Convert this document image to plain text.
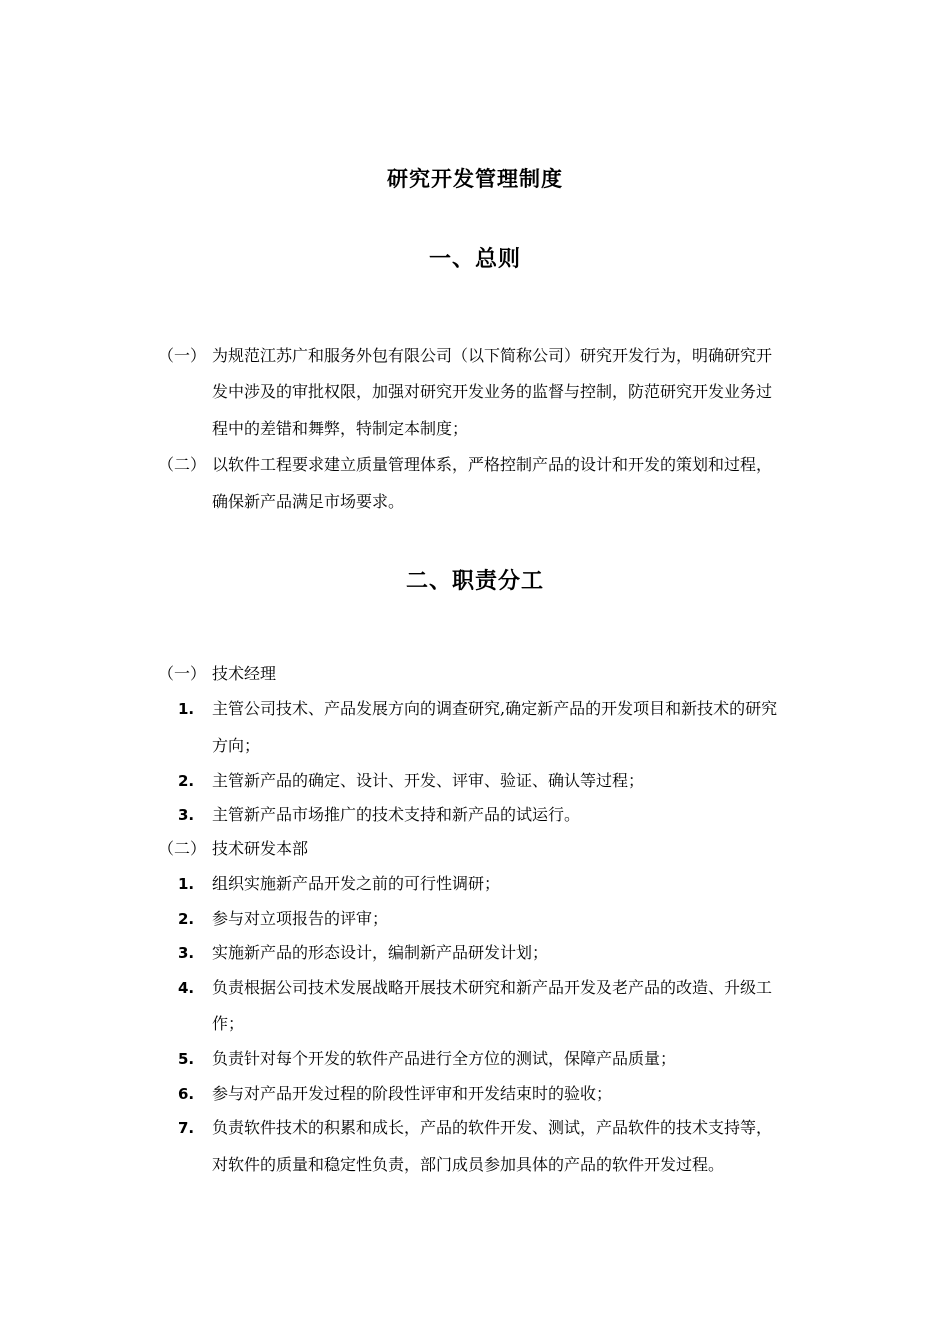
研究开发管理制度
一、总则
（一） 为规范江苏广和服务外包有限公司（以下简称公司）研究开发行为，明确研究开
发中涉及的审批权限，加强对研究开发业务的监督与控制，防范研究开发业务过
程中的差错和舞弊，特制定本制度；
（二） 以软件工程要求建立质量管理体系，严格控制产品的设计和开发的策划和过程，
确保新产品满足市场要求。
二、职责分工
（一） 技术经理
1. 主管公司技术、产品发展方向的调查研究,确定新产品的开发项目和新技术的研究
方向；
2. 主管新产品的确定、设计、开发、评审、验证、确认等过程；
3. 主管新产品市场推广的技术支持和新产品的试运行。
（二） 技术研发本部
1. 组织实施新产品开发之前的可行性调研；
2. 参与对立项报告的评审；
3. 实施新产品的形态设计，编制新产品研发计划；
4. 负责根据公司技术发展战略开展技术研究和新产品开发及老产品的改造、升级工
作；
5. 负责针对每个开发的软件产品进行全方位的测试，保障产品质量；
6. 参与对产品开发过程的阶段性评审和开发结束时的验收；
7. 负责软件技术的积累和成长，产品的软件开发、测试，产品软件的技术支持等，
对软件的质量和稳定性负责，部门成员参加具体的产品的软件开发过程。
